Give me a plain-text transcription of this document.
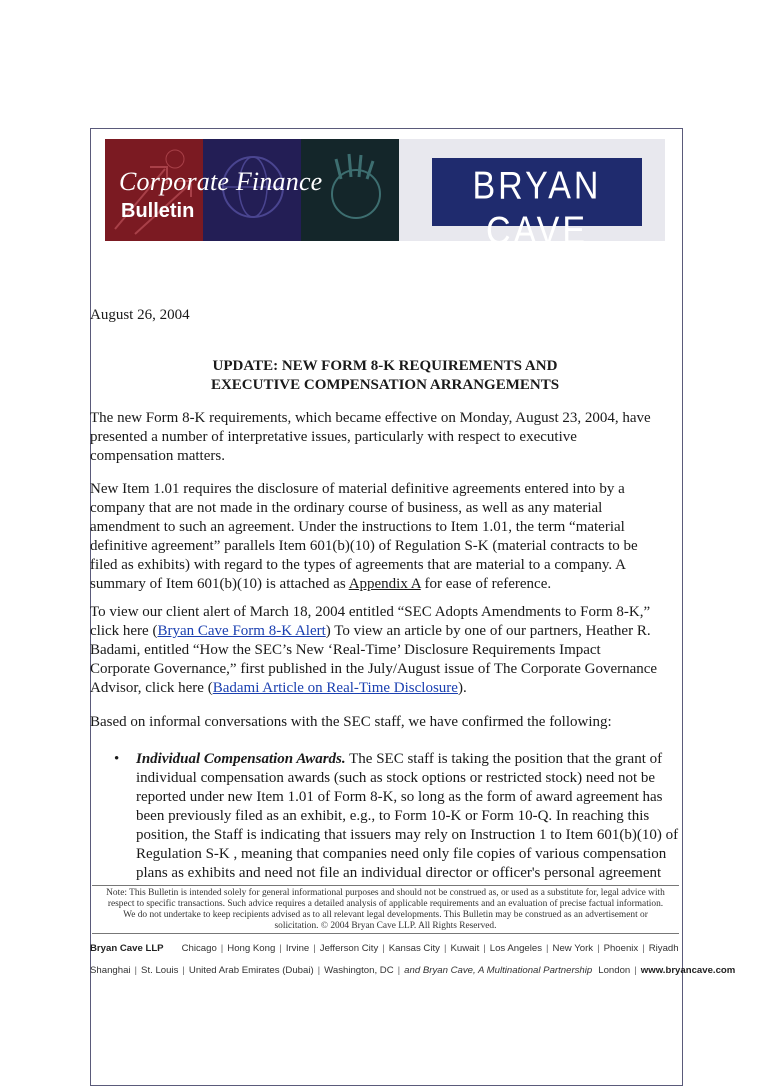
Corporate Finance
Bulletin
BRYAN CAVE
August 26, 2004
UPDATE: NEW FORM 8-K REQUIREMENTS AND
EXECUTIVE COMPENSATION ARRANGEMENTS
The new Form 8-K requirements, which became effective on Monday, August 23, 2004, have presented a number of interpretative issues, particularly with respect to executive compensation matters.
New Item 1.01 requires the disclosure of material definitive agreements entered into by a company that are not made in the ordinary course of business, as well as any material amendment to such an agreement. Under the instructions to Item 1.01, the term “material definitive agreement” parallels Item 601(b)(10) of Regulation S-K (material contracts to be filed as exhibits) with regard to the types of agreements that are material to a company. A summary of Item 601(b)(10) is attached as Appendix A for ease of reference.
To view our client alert of March 18, 2004 entitled “SEC Adopts Amendments to Form 8-K,” click here (Bryan Cave Form 8-K Alert) To view an article by one of our partners, Heather R. Badami, entitled “How the SEC’s New ‘Real-Time’ Disclosure Requirements Impact Corporate Governance,” first published in the July/August issue of The Corporate Governance Advisor, click here (Badami Article on Real-Time Disclosure).
Based on informal conversations with the SEC staff, we have confirmed the following:
• Individual Compensation Awards. The SEC staff is taking the position that the grant of individual compensation awards (such as stock options or restricted stock) need not be reported under new Item 1.01 of Form 8-K, so long as the form of award agreement has been previously filed as an exhibit, e.g., to Form 10-K or Form 10-Q. In reaching this position, the Staff is indicating that issuers may rely on Instruction 1 to Item 601(b)(10) of Regulation S-K , meaning that companies need only file copies of various compensation plans as exhibits and need not file an individual director or officer's personal agreement
Note: This Bulletin is intended solely for general informational purposes and should not be construed as, or used as a substitute for, legal advice with
respect to specific transactions. Such advice requires a detailed analysis of applicable requirements and an evaluation of precise factual information.
We do not undertake to keep recipients advised as to all relevant legal developments. This Bulletin may be construed as an advertisement or
solicitation. © 2004 Bryan Cave LLP. All Rights Reserved.
Bryan Cave LLP Chicago | Hong Kong | Irvine | Jefferson City | Kansas City | Kuwait | Los Angeles | New York | Phoenix | Riyadh
Shanghai | St. Louis | United Arab Emirates (Dubai) | Washington, DC | and Bryan Cave, A Multinational Partnership London | www.bryancave.com
